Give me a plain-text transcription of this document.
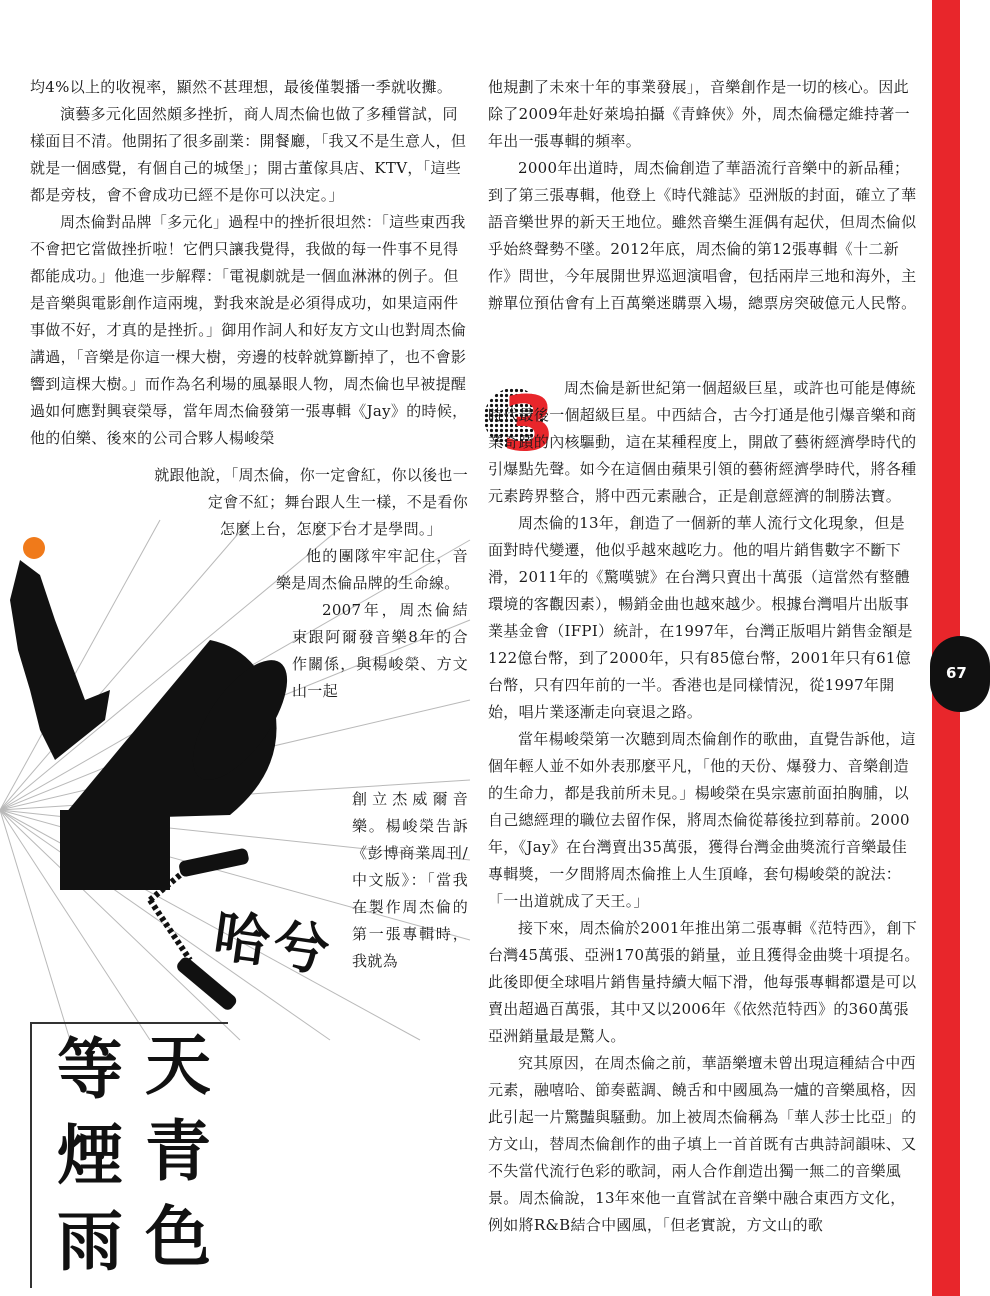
67

均4%以上的收視率，顯然不甚理想，最後僅製播一季就收攤。

演藝多元化固然頗多挫折，商人周杰倫也做了多種嘗試，同樣面目不清。他開拓了很多副業：開餐廳，「我又不是生意人，但就是一個感覺，有個自己的城堡」；開古董傢具店、KTV，「這些都是旁枝，會不會成功已經不是你可以決定。」

周杰倫對品牌「多元化」過程中的挫折很坦然：「這些東西我不會把它當做挫折啦！它們只讓我覺得，我做的每一件事不見得都能成功。」他進一步解釋：「電視劇就是一個血淋淋的例子。但是音樂與電影創作這兩塊，對我來說是必須得成功，如果這兩件事做不好，才真的是挫折。」御用作詞人和好友方文山也對周杰倫講過，「音樂是你這一棵大樹，旁邊的枝幹就算斷掉了，也不會影響到這棵大樹。」而作為名利場的風暴眼人物，周杰倫也早被提醒過如何應對興衰榮辱，當年周杰倫發第一張專輯《Jay》的時候，他的伯樂、後來的公司合夥人楊峻榮

就跟他說，「周杰倫，你一定會紅，你以後也一
定會不紅；舞台跟人生一樣，不是看你
怎麼上台，怎麼下台才是學問。」
他的團隊牢牢記住，音樂是周杰倫品牌的生命線。
2007年，周杰倫結束跟阿爾發音樂8年的合作關係，與楊峻榮、方文山一起
創立杰威爾音樂。楊峻榮告訴《彭博商業周刊/中文版》：「當我在製作周杰倫的第一張專輯時，我就為

他規劃了未來十年的事業發展」，音樂創作是一切的核心。因此除了2009年赴好萊塢拍攝《青蜂俠》外，周杰倫穩定維持著一年出一張專輯的頻率。

2000年出道時，周杰倫創造了華語流行音樂中的新品種；到了第三張專輯，他登上《時代雜誌》亞洲版的封面，確立了華語音樂世界的新天王地位。雖然音樂生涯偶有起伏，但周杰倫似乎始終聲勢不墜。2012年底，周杰倫的第12張專輯《十二新作》問世，今年展開世界巡迴演唱會，包括兩岸三地和海外，主辦單位預估會有上百萬樂迷購票入場，總票房突破億元人民幣。

3 周杰倫是新世紀第一個超級巨星，或許也可能是傳統時代最後一個超級巨星。中西結合，古今打通是他引爆音樂和商業奇蹟的內核驅動，這在某種程度上，開啟了藝術經濟學時代的引爆點先聲。如今在這個由蘋果引領的藝術經濟學時代，將各種元素跨界整合，將中西元素融合，正是創意經濟的制勝法寶。

周杰倫的13年，創造了一個新的華人流行文化現象，但是面對時代變遷，他似乎越來越吃力。他的唱片銷售數字不斷下滑，2011年的《驚嘆號》在台灣只賣出十萬張（這當然有整體環境的客觀因素），暢銷金曲也越來越少。根據台灣唱片出版事業基金會（IFPI）統計，在1997年，台灣正版唱片銷售金額是122億台幣，到了2000年，只有85億台幣，2001年只有61億台幣，只有四年前的一半。香港也是同樣情況，從1997年開始，唱片業逐漸走向衰退之路。

當年楊峻榮第一次聽到周杰倫創作的歌曲，直覺告訴他，這個年輕人並不如外表那麼平凡，「他的天份、爆發力、音樂創造的生命力，都是我前所未見。」楊峻榮在吳宗憲前面拍胸脯，以自己總經理的職位去留作保，將周杰倫從幕後拉到幕前。2000年，《Jay》在台灣賣出35萬張，獲得台灣金曲獎流行音樂最佳專輯獎，一夕間將周杰倫推上人生頂峰，套句楊峻榮的說法：「一出道就成了天王。」

接下來，周杰倫於2001年推出第二張專輯《范特西》，創下台灣45萬張、亞洲170萬張的銷量，並且獲得金曲獎十項提名。此後即便全球唱片銷售量持續大幅下滑，他每張專輯都還是可以賣出超過百萬張，其中又以2006年《依然范特西》的360萬張亞洲銷量最是驚人。

究其原因，在周杰倫之前，華語樂壇未曾出現這種結合中西元素，融嘻哈、節奏藍調、饒舌和中國風為一爐的音樂風格，因此引起一片驚豔與騷動。加上被周杰倫稱為「華人莎士比亞」的方文山，替周杰倫創作的曲子填上一首首既有古典詩詞韻味、又不失當代流行色彩的歌詞，兩人合作創造出獨一無二的音樂風景。周杰倫說，13年來他一直嘗試在音樂中融合東西方文化，例如將R&B結合中國風，「但老實說，方文山的歌

哈兮
天青色
等煙雨
